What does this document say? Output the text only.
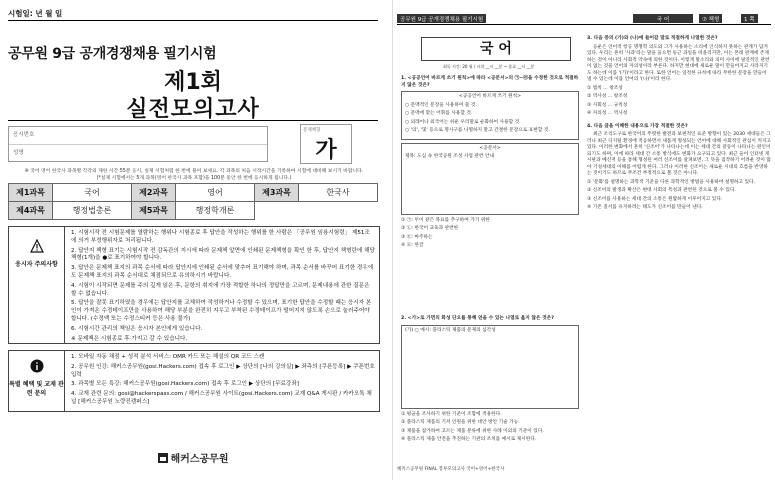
시험일: 년 월 일
공무원 9급 공개경쟁채용 필기시험
제1회
실전모의고사
응시번호
성명
문제책형
가
※ 국어 영어 한국사 과목별 각각의 제한 시간 55분 응시, 실제 시험처럼 한 번에 풀어 보세요. 각 과목의 처음 시작시간을 기록하여 시험에 대비해 보시기 바랍니다.
(*실제 시험에서는 5개 과목(영어 한국사 과목 포함)을 100분 동안 한 번에 응시하게 됩니다.)
제1과목	국어	제2과목	영어	제3과목	한국사
제4과목	행정법총론	제5과목	행정학개론		
응시자 주의사항

1. 시험시작 전 시험문제를 열람하는 행위나 시험종료 후 답안을 작성하는 행위를 한 사람은 「공무원 임용시험령」 제51조에 의거 부정행위자로 처리됩니다.

2. 답안지 책형 표기는 시험시작 전 감독관의 지시에 따라 문제책 앞면에 인쇄된 문제책형을 확인 한 후, 답안지 책형란에 해당 책형(1개)을 ●로 표기하여야 합니다.

3. 답안은 문제책 표지의 과목 순서에 따라 답안지에 인쇄된 순서에 맞추어 표기해야 하며, 과목 순서를 바꾸어 표기한 경우에도 문제책 표지의 과목 순서대로 채점되므로 유의하시기 바랍니다.

4. 시험이 시작되면 문제를 주의 깊게 읽은 후, 문항의 취지에 가장 적합한 하나의 정답만을 고르며, 문제내용에 관한 질문은 할 수 없습니다.

5. 답안을 잘못 표기하였을 경우에는 답안지를 교체하여 작성하거나 수정할 수 있으며, 표기한 답안을 수정할 때는 응시자 본인이 가져온 수정테이프만을 사용하여 해당 부분을 완전히 지우고 부착된 수정테이프가 떨어지지 않도록 손으로 눌러주어야 합니다. (수정액 또는 수정스티커 등은 사용 불가)

6. 시험시간 관리의 책임은 응시자 본인에게 있습니다.

※ 문제책은 시험종료 후 가지고 갈 수 있습니다.

특별 혜택 및 교재 관련 문의

1. 모바일 자동 채점 + 성적 분석 서비스: OMR 카드 또는 해설의 QR 코드 스캔

2. 공무원 인강: 해커스공무원(gosi.Hackers.com) 접속 후 로그인 ▶ 상단의 [나의 강의실] ▶ 좌측의 [쿠폰등록] ▶ 쿠폰번호 입력

3. 과목별 모든 특강: 해커스공무원(gosi.Hackers.com) 접속 후 로그인 ▶ 상단의 [무료강좌]

4. 교재 관련 문의: gosi@hackerspass.com / 해커스공무원 사이트(gosi.Hackers.com) 교재 Q&A 게시판 / 카카오톡 채널 [해커스공무원 노량진캠퍼스]

해커스공무원
공무원 9급 공개경쟁채용 필기시험	국 어	⑦ 책형	1 쪽
국 어
회독 시간: 20 월 / 시작 __시 __분 ~ 종료 __시 __분

1. <공공언어 바르게 쓰기 원칙>에 따라 <공문서>의 ㉠~㉣을 수정한 것으로 적절하지 않은 것은?

<공공언어 바르게 쓰기 원칙>

○ 문맥적인 문장을 사용하여 쓸 것.

○ 문맥에 맞는 어휘를 사용할 것.

○ 외래어나 외국어는 쉬운 우리말로 순화하여 사용할 것.

○ '의', '및' 등으로 명사구를 나열하지 말고 간결한 문장으로 표현할 것.

<공문서>

제목: 도심 속 한국공원 조성 사업 관련 안내

① ㉠: 두어 같은 목표를 추구하여 가기 위한

② ㉡: 한국어 교육과 관련한

③ ㉢: 마주하는

④ ㉣: 한글

2. <가>로 가면의 화성 단오를 통해 얻을 수 있는 나열로 옳지 않은 것은?

(가) ○ 예시: 플라스틱 제품의 문제의 심각성

① 평균을 조사하기 위한 기준이 조합에 적용한다.

② 플라스틱 제품의 기저 인원을 위한 대안 방안 기술 가능.

③ 제품을 참가하여 고르는 제품 분류에 위한 사례 이외의 기준이 있다.

④ 플라스틱 제품 안전을 추진하는 기관의 조치를 예시로 제시한다.

3. 다음 중의 (가)와 (나)에 들어갈 말로 적절하게 나열한 것은?

응운은 언어적 항공 명명학 의도와 그가 사용하는 소리에 인식하지 못하는 관계가 담겨있다. 우리는 흔히 '사과'라는 말을 들으면 둥근 과일을 떠올리지만, 이는 본래 관계에 존재하는 것이 아니라 사회적 약속에 의한 것이다. 이렇게 말소리와 의미 사이에 필연적인 관련이 없는 것을 언어의 자의성이라 부른다. 하지만 현대에 새로운 말이 만들어지고 사라지기도 하는데 이를 '(가)'이라고 한다. 또한 언어는 일정한 규칙에 따라 무한한 문장을 만들어 낼 수 있는데 이를 언어의 '(나)'이라 한다.

① 법칙 ... 창조성

② 역사성 ... 창조성

③ 사회성 ... 규칙성

④ 자의성 ... 역사성

4. 다음 글을 이해한 내용으로 가장 적절한 것은?

최근 조리도구로 한국어의 뚜렷한 발전과 보편적인 표준 방향이 있는 2030 세대들은 그러나 최근 디지털 환경에 적응하면서 새롭게 형성되는 언어에 대해 사회적인 관심이 커지고 있다. 이러한 변화에서 흔히 '신조어'가 나타나는데 이는 세대 간의 갈등이 나타나는 원인이 되기도 하며, 이에 따라 세대 간 소통 방식에도 변화가 요구되고 있다. 최근 들어 인터넷 게시판과 메신저 등을 통해 형성된 여러 신조어를 살펴보면, 그 뜻을 짐작하기 어려운 것이 많아 기성세대의 이해를 어렵게 한다. 그러나 이러한 신조어는 새로운 시대의 흐름을 반영하는 것이기도 하므로 무조건 부정적으로 볼 것은 아니다.

① '문화'를 설명하는 과학적 기준을 다른 과학적인 방법을 사용하여 설명하고 있다.

② 신조어의 발생과 확산은 현대 사회의 특성과 관련된 것으로 볼 수 있다.

③ 신조어를 사용하는 세대 간의 소통은 원활하게 이루어지고 있다.

④ 기존 질서를 유지하려는 태도가 신조어를 만들어 낸다.

해커스공무원 FINAL 봉투모의고사 국어+영어+한국사
